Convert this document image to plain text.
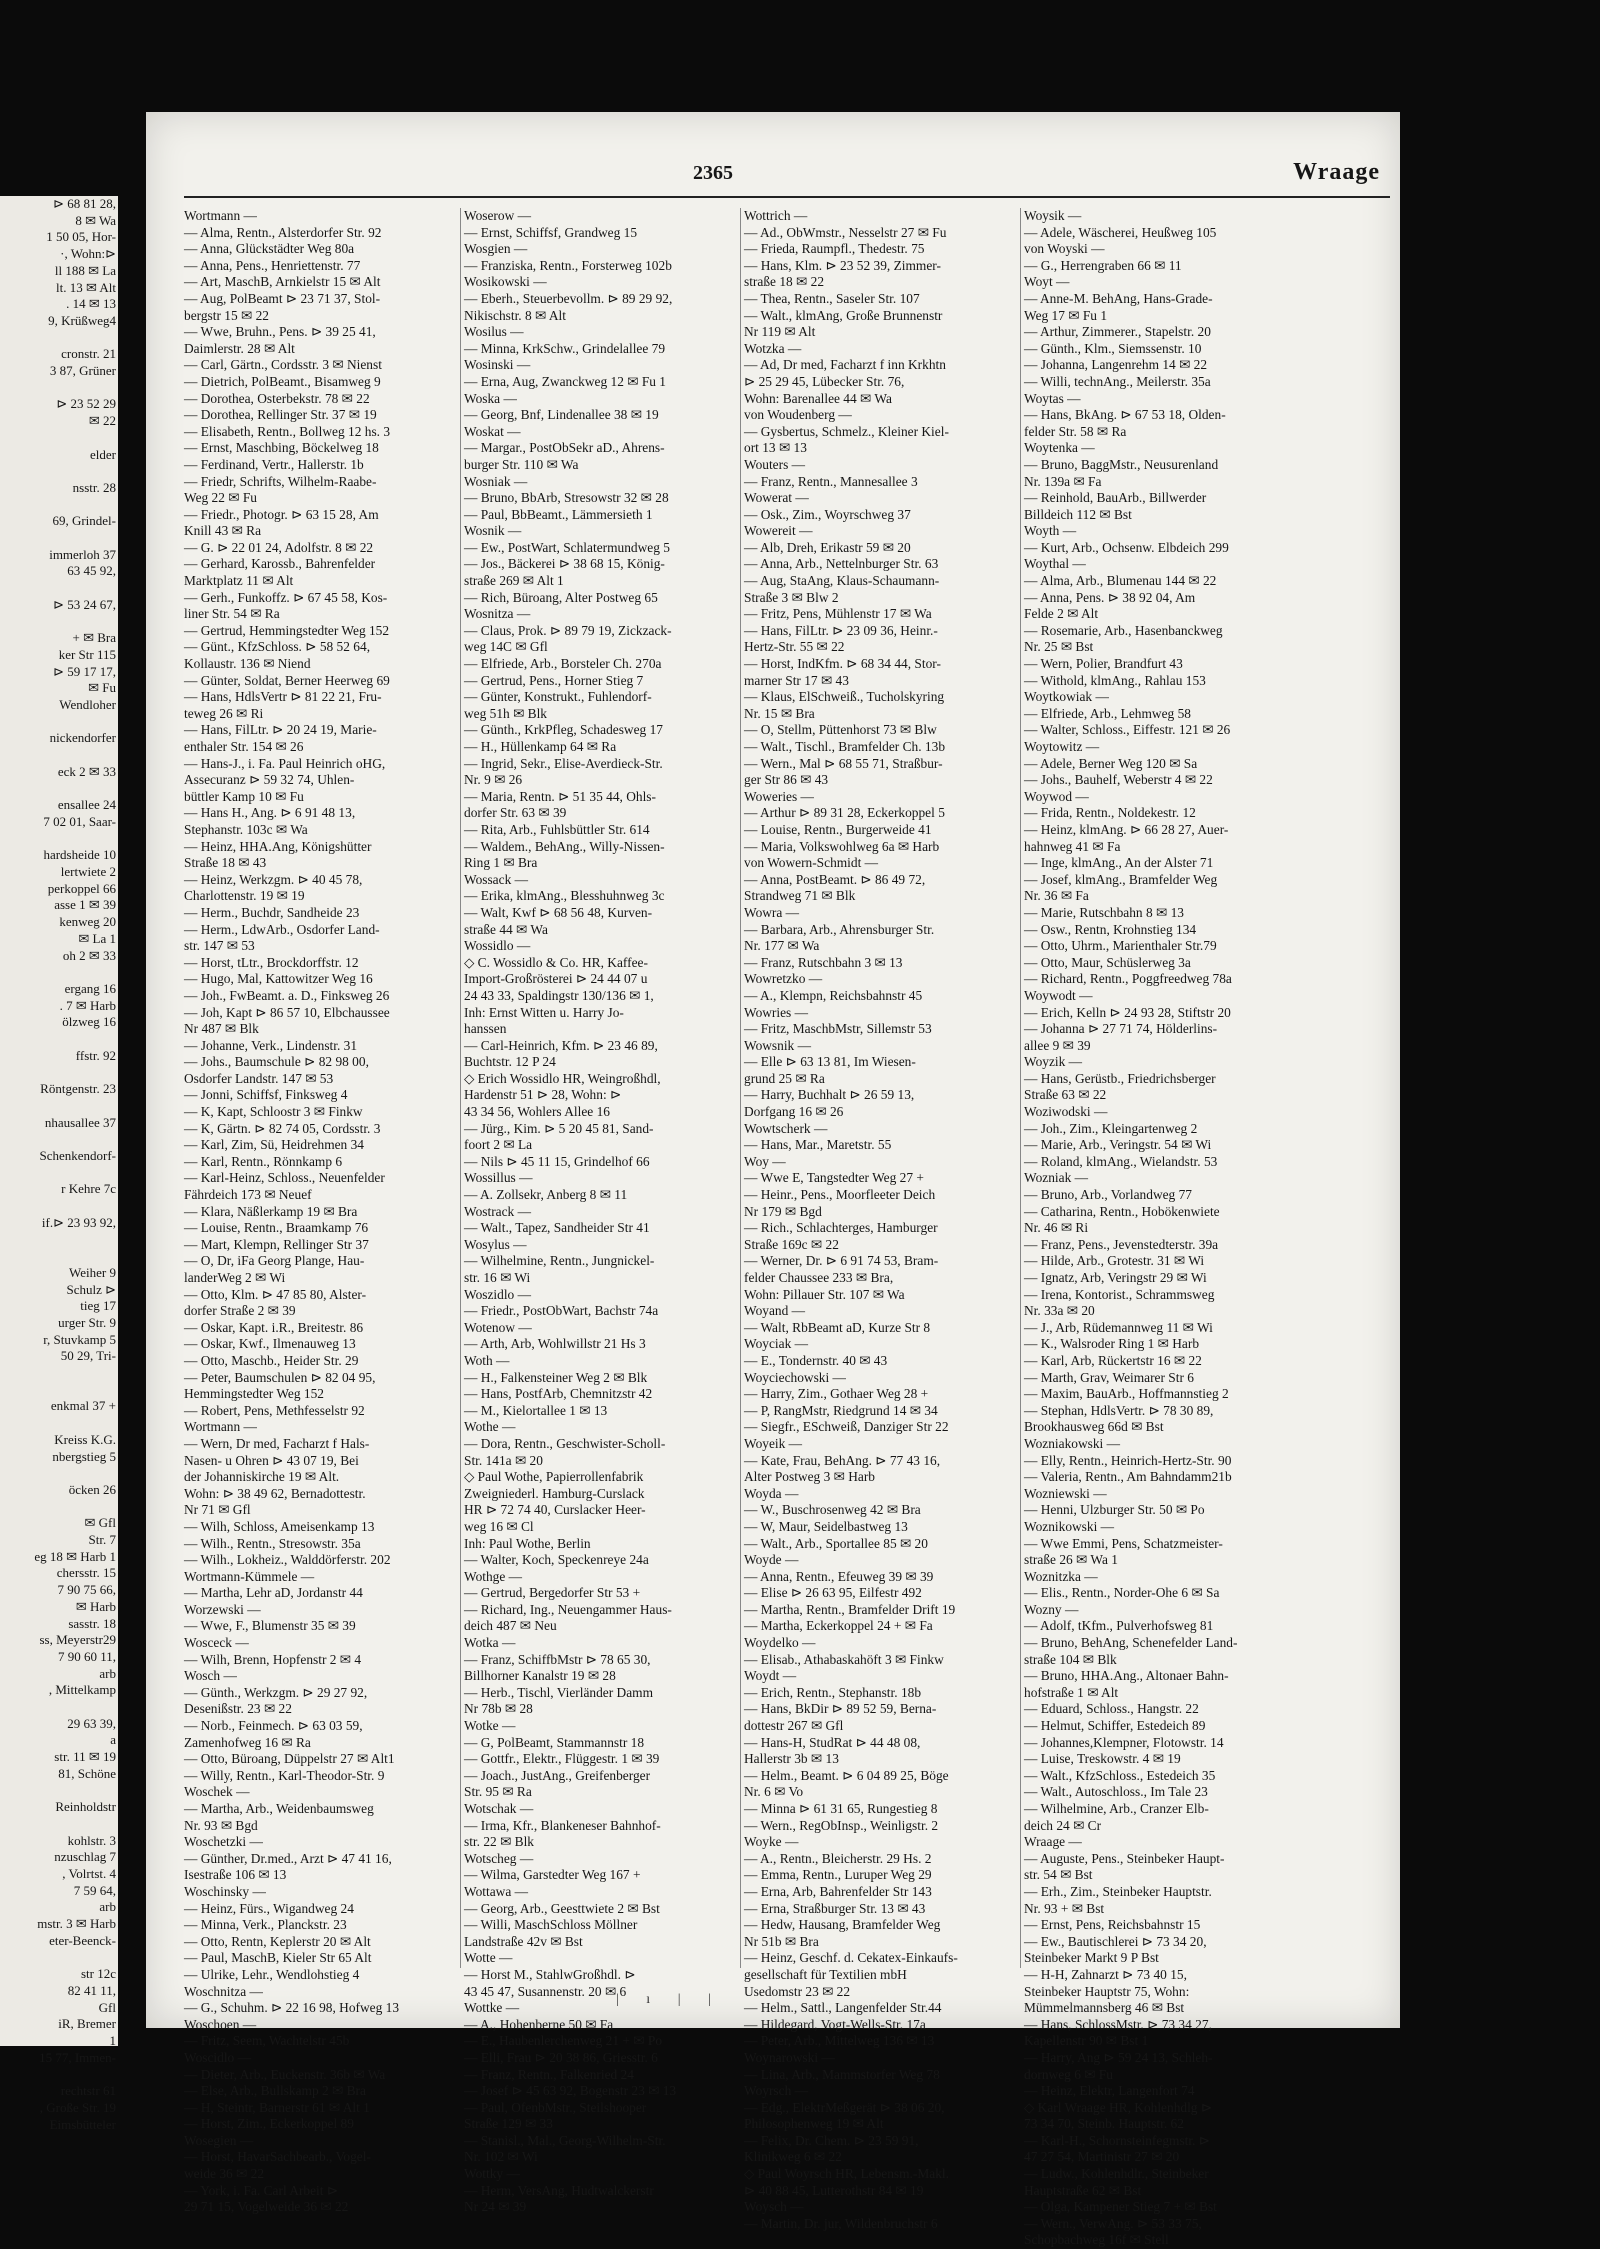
⊳ 68 81 28,
8 ✉ Wa
1 50 05, Hor-
·, Wohn:⊳
ll 188 ✉ La
lt. 13 ✉ Alt
. 14 ✉ 13
9, Krüßweg4
cronstr. 21
3 87, Grüner
⊳ 23 52 29
✉ 22
elder
nsstr. 28
69, Grindel-
immerloh 37
63 45 92,
⊳ 53 24 67,
+ ✉ Bra
ker Str 115
⊳ 59 17 17,
✉ Fu
Wendloher
nickendorfer
eck 2 ✉ 33
ensallee 24
7 02 01, Saar-
hardsheide 10
lertwiete 2
perkoppel 66
asse 1 ✉ 39
kenweg 20
✉ La 1
oh 2 ✉ 33
ergang 16
. 7 ✉ Harb
ölzweg 16
ffstr. 92
Röntgenstr. 23
nhausallee 37
Schenkendorf-
r Kehre 7c
if.⊳ 23 93 92,
Weiher 9
Schulz ⊳
tieg 17
urger Str. 9
r, Stuvkamp 5
50 29, Tri-
enkmal 37 +
Kreiss K.G.
nbergstieg 5
öcken 26
✉ Gfl
Str. 7
eg 18 ✉ Harb 1
chersstr. 15
7 90 75 66,
✉ Harb
sasstr. 18
ss, Meyerstr29
7 90 60 11,
arb
, Mittelkamp
29 63 39,
a
str. 11 ✉ 19
81, Schöne
Reinholdstr
kohlstr. 3
nzuschlag 7
, Volrtst. 4
7 59 64,
arb
mstr. 3 ✉ Harb
eter-Beenck-
str 12c
82 41 11,
Gfl
iR, Bremer
1
15 77, Immen-
rechtstr 61
, Große Str. 19
Eimsbütteler
2365	Wraage
Wortmann —
— Alma, Rentn., Alsterdorfer Str. 92
— Anna, Glückstädter Weg 80a
— Anna, Pens., Henriettenstr. 77
— Art, MaschB, Arnkielstr 15 ✉ Alt
— Aug, PolBeamt ⊳ 23 71 37, Stol-
bergstr 15 ✉ 22
— Wwe, Bruhn., Pens. ⊳ 39 25 41,
Daimlerstr. 28 ✉ Alt
— Carl, Gärtn., Cordsstr. 3 ✉ Nienst
— Dietrich, PolBeamt., Bisamweg 9
— Dorothea, Osterbekstr. 78 ✉ 22
— Dorothea, Rellinger Str. 37 ✉ 19
— Elisabeth, Rentn., Bollweg 12 hs. 3
— Ernst, Maschbing, Böckelweg 18
— Ferdinand, Vertr., Hallerstr. 1b
— Friedr, Schrifts, Wilhelm-Raabe-
Weg 22 ✉ Fu
— Friedr., Photogr. ⊳ 63 15 28, Am
Knill 43 ✉ Ra
— G. ⊳ 22 01 24, Adolfstr. 8 ✉ 22
— Gerhard, Karossb., Bahrenfelder
Marktplatz 11 ✉ Alt
— Gerh., Funkoffz. ⊳ 67 45 58, Kos-
liner Str. 54 ✉ Ra
— Gertrud, Hemmingstedter Weg 152
— Günt., KfzSchloss. ⊳ 58 52 64,
Kollaustr. 136 ✉ Niend
— Günter, Soldat, Berner Heerweg 69
— Hans, HdlsVertr ⊳ 81 22 21, Fru-
teweg 26 ✉ Ri
— Hans, FilLtr. ⊳ 20 24 19, Marie-
enthaler Str. 154 ✉ 26
— Hans-J., i. Fa. Paul Heinrich oHG,
Assecuranz ⊳ 59 32 74, Uhlen-
büttler Kamp 10 ✉ Fu
— Hans H., Ang. ⊳ 6 91 48 13,
Stephanstr. 103c ✉ Wa
— Heinz, HHA.Ang, Königshütter
Straße 18 ✉ 43
— Heinz, Werkzgm. ⊳ 40 45 78,
Charlottenstr. 19 ✉ 19
— Herm., Buchdr, Sandheide 23
— Herm., LdwArb., Osdorfer Land-
str. 147 ✉ 53
— Horst, tLtr., Brockdorffstr. 12
— Hugo, Mal, Kattowitzer Weg 16
— Joh., FwBeamt. a. D., Finksweg 26
— Joh, Kapt ⊳ 86 57 10, Elbchaussee
Nr 487 ✉ Blk
— Johanne, Verk., Lindenstr. 31
— Johs., Baumschule ⊳ 82 98 00,
Osdorfer Landstr. 147 ✉ 53
— Jonni, Schiffsf, Finksweg 4
— K, Kapt, Schloostr 3 ✉ Finkw
— K, Gärtn. ⊳ 82 74 05, Cordsstr. 3
— Karl, Zim, Sü, Heidrehmen 34
— Karl, Rentn., Rönnkamp 6
— Karl-Heinz, Schloss., Neuenfelder
Fährdeich 173 ✉ Neuef
— Klara, Näßlerkamp 19 ✉ Bra
— Louise, Rentn., Braamkamp 76
— Mart, Klempn, Rellinger Str 37
— O, Dr, iFa Georg Plange, Hau-
landerWeg 2 ✉ Wi
— Otto, Klm. ⊳ 47 85 80, Alster-
dorfer Straße 2 ✉ 39
— Oskar, Kapt. i.R., Breitestr. 86
— Oskar, Kwf., Ilmenauweg 13
— Otto, Maschb., Heider Str. 29
— Peter, Baumschulen ⊳ 82 04 95,
Hemmingstedter Weg 152
— Robert, Pens, Methfesselstr 92
Wortmann —
— Wern, Dr med, Facharzt f Hals-
Nasen- u Ohren ⊳ 43 07 19, Bei
der Johanniskirche 19 ✉ Alt.
Wohn: ⊳ 38 49 62, Bernadottestr.
Nr 71 ✉ Gfl
— Wilh, Schloss, Ameisenkamp 13
— Wilh., Rentn., Stresowstr. 35a
— Wilh., Lokheiz., Walddörferstr. 202
Wortmann-Kümmele —
— Martha, Lehr aD, Jordanstr 44
Worzewski —
— Wwe, F., Blumenstr 35 ✉ 39
Wosceck —
— Wilh, Brenn, Hopfenstr 2 ✉ 4
Wosch —
— Günth., Werkzgm. ⊳ 29 27 92,
Desenißstr. 23 ✉ 22
— Norb., Feinmech. ⊳ 63 03 59,
Zamenhofweg 16 ✉ Ra
— Otto, Büroang, Düppelstr 27 ✉ Alt1
— Willy, Rentn., Karl-Theodor-Str. 9
Woschek —
— Martha, Arb., Weidenbaumsweg
Nr. 93 ✉ Bgd
Woschetzki —
— Günther, Dr.med., Arzt ⊳ 47 41 16,
Isestraße 106 ✉ 13
Woschinsky —
— Heinz, Fürs., Wigandweg 24
— Minna, Verk., Planckstr. 23
— Otto, Rentn, Keplerstr 20 ✉ Alt
— Paul, MaschB, Kieler Str 65 Alt
— Ulrike, Lehr., Wendlohstieg 4
Woschnitza —
— G., Schuhm. ⊳ 22 16 98, Hofweg 13
Woschoen —
— Fritz, Seem, Wachtelstr 45b
Woscidlo —
— Dieter, Arb., Euckenstr. 36b ✉ Wa
— Else, Arb., Bullskamp 2 ✉ Bra
— H, Steintr, Barnerstr 61 ✉ Alt 1
— Horst, Zim., Eckerkoppel 89
Wosegien —
— Horst, HavarSachbearb., Vogel-
weide 36 ✉ 22
— York, i. Fa. Carl Arbeit ⊳
29 71 15, Vogelweide 36 ✉ 22
Woserow —
— Ernst, Schiffsf, Grandweg 15
Wosgien —
— Franziska, Rentn., Forsterweg 102b
Wosikowski —
— Eberh., Steuerbevollm. ⊳ 89 29 92,
Nikischstr. 8 ✉ Alt
Wosilus —
— Minna, KrkSchw., Grindelallee 79
Wosinski —
— Erna, Aug, Zwanckweg 12 ✉ Fu 1
Woska —
— Georg, Bnf, Lindenallee 38 ✉ 19
Woskat —
— Margar., PostObSekr aD., Ahrens-
burger Str. 110 ✉ Wa
Wosniak —
— Bruno, BbArb, Stresowstr 32 ✉ 28
— Paul, BbBeamt., Lämmersieth 1
Wosnik —
— Ew., PostWart, Schlatermundweg 5
— Jos., Bäckerei ⊳ 38 68 15, König-
straße 269 ✉ Alt 1
— Rich, Büroang, Alter Postweg 65
Wosnitza —
— Claus, Prok. ⊳ 89 79 19, Zickzack-
weg 14C ✉ Gfl
— Elfriede, Arb., Borsteler Ch. 270a
— Gertrud, Pens., Horner Stieg 7
— Günter, Konstrukt., Fuhlendorf-
weg 51h ✉ Blk
— Günth., KrkPfleg, Schadesweg 17
— H., Hüllenkamp 64 ✉ Ra
— Ingrid, Sekr., Elise-Averdieck-Str.
Nr. 9 ✉ 26
— Maria, Rentn. ⊳ 51 35 44, Ohls-
dorfer Str. 63 ✉ 39
— Rita, Arb., Fuhlsbüttler Str. 614
— Waldem., BehAng., Willy-Nissen-
Ring 1 ✉ Bra
Wossack —
— Erika, klmAng., Blesshuhnweg 3c
— Walt, Kwf ⊳ 68 56 48, Kurven-
straße 44 ✉ Wa
Wossidlo —
◇ C. Wossidlo & Co. HR, Kaffee-
Import-Großrösterei ⊳ 24 44 07 u
24 43 33, Spaldingstr 130/136 ✉ 1,
Inh: Ernst Witten u. Harry Jo-
hanssen
— Carl-Heinrich, Kfm. ⊳ 23 46 89,
Buchtstr. 12 P 24
◇ Erich Wossidlo HR, Weingroßhdl,
Hardenstr 51 ⊳ 28, Wohn: ⊳
43 34 56, Wohlers Allee 16
— Jürg., Kim. ⊳ 5 20 45 81, Sand-
foort 2 ✉ La
— Nils ⊳ 45 11 15, Grindelhof 66
Wossillus —
— A. Zollsekr, Anberg 8 ✉ 11
Wostrack —
— Walt., Tapez, Sandheider Str 41
Wosylus —
— Wilhelmine, Rentn., Jungnickel-
str. 16 ✉ Wi
Woszidlo —
— Friedr., PostObWart, Bachstr 74a
Wotenow —
— Arth, Arb, Wohlwillstr 21 Hs 3
Woth —
— H., Falkensteiner Weg 2 ✉ Blk
— Hans, PostfArb, Chemnitzstr 42
— M., Kielortallee 1 ✉ 13
Wothe —
— Dora, Rentn., Geschwister-Scholl-
Str. 141a ✉ 20
◇ Paul Wothe, Papierrollenfabrik
Zweigniederl. Hamburg-Curslack
HR ⊳ 72 74 40, Curslacker Heer-
weg 16 ✉ Cl
Inh: Paul Wothe, Berlin
— Walter, Koch, Speckenreye 24a
Wothge —
— Gertrud, Bergedorfer Str 53 +
— Richard, Ing., Neuengammer Haus-
deich 487 ✉ Neu
Wotka —
— Franz, SchiffbMstr ⊳ 78 65 30,
Billhorner Kanalstr 19 ✉ 28
— Herb., Tischl, Vierländer Damm
Nr 78b ✉ 28
Wotke —
— G, PolBeamt, Stammannstr 18
— Gottfr., Elektr., Flüggestr. 1 ✉ 39
— Joach., JustAng., Greifenberger
Str. 95 ✉ Ra
Wotschak —
— Irma, Kfr., Blankeneser Bahnhof-
str. 22 ✉ Blk
Wotscheg —
— Wilma, Garstedter Weg 167 +
Wottawa —
— Georg, Arb., Geesttwiete 2 ✉ Bst
— Willi, MaschSchloss Möllner
Landstraße 42v ✉ Bst
Wotte —
— Horst M., StahlwGroßhdl. ⊳
43 45 47, Susannenstr. 20 ✉ 6
Wottke —
— A., Hohenberne 50 ✉ Fa
— E., Haubenlerchenweg 21 + ✉ Po
— Elli, Frau ⊳ 20 38 86, Griesstr. 6
— Franz, Rentn., Falkenried 24
— Josef ⊳ 45 63 92, Bogenstr 23 ✉ 13
— Paul, OfenbMstr., Steilshooper
Straße 129 ✉ 33
— Stanisl., Mal., Georg-Wilhelm-Str.
Nr. 102 ✉ Wi
Wottky —
— Herm, VersAng, Hudtwalckerstr
Nr 24 ✉ 39
Wottrich —
— Ad., ObWmstr., Nesselstr 27 ✉ Fu
— Frieda, Raumpfl., Thedestr. 75
— Hans, Klm. ⊳ 23 52 39, Zimmer-
straße 18 ✉ 22
— Thea, Rentn., Saseler Str. 107
— Walt., klmAng, Große Brunnenstr
Nr 119 ✉ Alt
Wotzka —
— Ad, Dr med, Facharzt f inn Krkhtn
⊳ 25 29 45, Lübecker Str. 76,
Wohn: Barenallee 44 ✉ Wa
von Woudenberg —
— Gysbertus, Schmelz., Kleiner Kiel-
ort 13 ✉ 13
Wouters —
— Franz, Rentn., Mannesallee 3
Wowerat —
— Osk., Zim., Woyrschweg 37
Wowereit —
— Alb, Dreh, Erikastr 59 ✉ 20
— Anna, Arb., Nettelnburger Str. 63
— Aug, StaAng, Klaus-Schaumann-
Straße 3 ✉ Blw 2
— Fritz, Pens, Mühlenstr 17 ✉ Wa
— Hans, FilLtr. ⊳ 23 09 36, Heinr.-
Hertz-Str. 55 ✉ 22
— Horst, IndKfm. ⊳ 68 34 44, Stor-
marner Str 17 ✉ 43
— Klaus, ElSchweiß., Tucholskyring
Nr. 15 ✉ Bra
— O, Stellm, Püttenhorst 73 ✉ Blw
— Walt., Tischl., Bramfelder Ch. 13b
— Wern., Mal ⊳ 68 55 71, Straßbur-
ger Str 86 ✉ 43
Woweries —
— Arthur ⊳ 89 31 28, Eckerkoppel 5
— Louise, Rentn., Burgerweide 41
— Maria, Volkswohlweg 6a ✉ Harb
von Wowern-Schmidt —
— Anna, PostBeamt. ⊳ 86 49 72,
Strandweg 71 ✉ Blk
Wowra —
— Barbara, Arb., Ahrensburger Str.
Nr. 177 ✉ Wa
— Franz, Rutschbahn 3 ✉ 13
Wowretzko —
— A., Klempn, Reichsbahnstr 45
Wowries —
— Fritz, MaschbMstr, Sillemstr 53
Wowsnik —
— Elle ⊳ 63 13 81, Im Wiesen-
grund 25 ✉ Ra
— Harry, Buchhalt ⊳ 26 59 13,
Dorfgang 16 ✉ 26
Wowtscherk —
— Hans, Mar., Maretstr. 55
Woy —
— Wwe E, Tangstedter Weg 27 +
— Heinr., Pens., Moorfleeter Deich
Nr 179 ✉ Bgd
— Rich., Schlachterges, Hamburger
Straße 169c ✉ 22
— Werner, Dr. ⊳ 6 91 74 53, Bram-
felder Chaussee 233 ✉ Bra,
Wohn: Pillauer Str. 107 ✉ Wa
Woyand —
— Walt, RbBeamt aD, Kurze Str 8
Woyciak —
— E., Tondernstr. 40 ✉ 43
Woyciechowski —
— Harry, Zim., Gothaer Weg 28 +
— P, RangMstr, Riedgrund 14 ✉ 34
— Siegfr., ESchweiß, Danziger Str 22
Woyeik —
— Kate, Frau, BehAng. ⊳ 77 43 16,
Alter Postweg 3 ✉ Harb
Woyda —
— W., Buschrosenweg 42 ✉ Bra
— W, Maur, Seidelbastweg 13
— Walt., Arb., Sportallee 85 ✉ 20
Woyde —
— Anna, Rentn., Efeuweg 39 ✉ 39
— Elise ⊳ 26 63 95, Eilfestr 492
— Martha, Rentn., Bramfelder Drift 19
— Martha, Eckerkoppel 24 + ✉ Fa
Woydelko —
— Elisab., Athabaskahöft 3 ✉ Finkw
Woydt —
— Erich, Rentn., Stephanstr. 18b
— Hans, BkDir ⊳ 89 52 59, Berna-
dottestr 267 ✉ Gfl
— Hans-H, StudRat ⊳ 44 48 08,
Hallerstr 3b ✉ 13
— Helm., Beamt. ⊳ 6 04 89 25, Böge
Nr. 6 ✉ Vo
— Minna ⊳ 61 31 65, Rungestieg 8
— Wern., RegObInsp., Weinligstr. 2
Woyke —
— A., Rentn., Bleicherstr. 29 Hs. 2
— Emma, Rentn., Luruper Weg 29
— Erna, Arb, Bahrenfelder Str 143
— Erna, Straßburger Str. 13 ✉ 43
— Hedw, Hausang, Bramfelder Weg
Nr 51b ✉ Bra
— Heinz, Geschf. d. Cekatex-Einkaufs-
gesellschaft für Textilien mbH
Usedomstr 23 ✉ 22
— Helm., Sattl., Langenfelder Str.44
— Hildegard, Vogt-Wells-Str. 17a
— Peter, Arb., Mittelweg 136 ✉ 13
Woynarowski —
— Lina, Arb., Mammstorfer Weg 78
Woyrsch —
— Edg., ElektrMeßgerät ⊳ 38 06 20,
Philosophenweg 19 ✉ Alt
— Felix, Dr. Chem. ⊳ 23 59 91,
Klinikweg 6 ✉ 22
◇ Paul Woyrsch HR, Lebensm.-Makl.
⊳ 40 88 45, Lutterothstr 84 ✉ 19
Woysch —
— Martin, Dr. jur, Wildenbruchstr 6
Woysik —
— Adele, Wäscherei, Heußweg 105
von Woyski —
— G., Herrengraben 66 ✉ 11
Woyt —
— Anne-M. BehAng, Hans-Grade-
Weg 17 ✉ Fu 1
— Arthur, Zimmerer., Stapelstr. 20
— Günth., Klm., Siemssenstr. 10
— Johanna, Langenrehm 14 ✉ 22
— Willi, technAng., Meilerstr. 35a
Woytas —
— Hans, BkAng. ⊳ 67 53 18, Olden-
felder Str. 58 ✉ Ra
Woytenka —
— Bruno, BaggMstr., Neusurenland
Nr. 139a ✉ Fa
— Reinhold, BauArb., Billwerder
Billdeich 112 ✉ Bst
Woyth —
— Kurt, Arb., Ochsenw. Elbdeich 299
Woythal —
— Alma, Arb., Blumenau 144 ✉ 22
— Anna, Pens. ⊳ 38 92 04, Am
Felde 2 ✉ Alt
— Rosemarie, Arb., Hasenbanckweg
Nr. 25 ✉ Bst
— Wern, Polier, Brandfurt 43
— Withold, klmAng., Rahlau 153
Woytkowiak —
— Elfriede, Arb., Lehmweg 58
— Walter, Schloss., Eiffestr. 121 ✉ 26
Woytowitz —
— Adele, Berner Weg 120 ✉ Sa
— Johs., Bauhelf, Weberstr 4 ✉ 22
Woywod —
— Frida, Rentn., Noldekestr. 12
— Heinz, klmAng. ⊳ 66 28 27, Auer-
hahnweg 41 ✉ Fa
— Inge, klmAng., An der Alster 71
— Josef, klmAng., Bramfelder Weg
Nr. 36 ✉ Fa
— Marie, Rutschbahn 8 ✉ 13
— Osw., Rentn, Krohnstieg 134
— Otto, Uhrm., Marienthaler Str.79
— Otto, Maur, Schüslerweg 3a
— Richard, Rentn., Poggfreedweg 78a
Woywodt —
— Erich, Kelln ⊳ 24 93 28, Stiftstr 20
— Johanna ⊳ 27 71 74, Hölderlins-
allee 9 ✉ 39
Woyzik —
— Hans, Gerüstb., Friedrichsberger
Straße 63 ✉ 22
Woziwodski —
— Joh., Zim., Kleingartenweg 2
— Marie, Arb., Veringstr. 54 ✉ Wi
— Roland, klmAng., Wielandstr. 53
Wozniak —
— Bruno, Arb., Vorlandweg 77
— Catharina, Rentn., Hobökenwiete
Nr. 46 ✉ Ri
— Franz, Pens., Jevenstedterstr. 39a
— Hilde, Arb., Grotestr. 31 ✉ Wi
— Ignatz, Arb, Veringstr 29 ✉ Wi
— Irena, Kontorist., Schrammsweg
Nr. 33a ✉ 20
— J., Arb, Rüdemannweg 11 ✉ Wi
— K., Walsroder Ring 1 ✉ Harb
— Karl, Arb, Rückertstr 16 ✉ 22
— Marth, Grav, Weimarer Str 6
— Maxim, BauArb., Hoffmannstieg 2
— Stephan, HdlsVertr. ⊳ 78 30 89,
Brookhausweg 66d ✉ Bst
Wozniakowski —
— Elly, Rentn., Heinrich-Hertz-Str. 90
— Valeria, Rentn., Am Bahndamm21b
Wozniewski —
— Henni, Ulzburger Str. 50 ✉ Po
Woznikowski —
— Wwe Emmi, Pens, Schatzmeister-
straße 26 ✉ Wa 1
Woznitzka —
— Elis., Rentn., Norder-Ohe 6 ✉ Sa
Wozny —
— Adolf, tKfm., Pulverhofsweg 81
— Bruno, BehAng, Schenefelder Land-
straße 104 ✉ Blk
— Bruno, HHA.Ang., Altonaer Bahn-
hofstraße 1 ✉ Alt
— Eduard, Schloss., Hangstr. 22
— Helmut, Schiffer, Estedeich 89
— Johannes,Klempner, Flotowstr. 14
— Luise, Treskowstr. 4 ✉ 19
— Walt., KfzSchloss., Estedeich 35
— Walt., Autoschloss., Im Tale 23
— Wilhelmine, Arb., Cranzer Elb-
deich 24 ✉ Cr
Wraage —
— Auguste, Pens., Steinbeker Haupt-
str. 54 ✉ Bst
— Erh., Zim., Steinbeker Hauptstr.
Nr. 93 + ✉ Bst
— Ernst, Pens, Reichsbahnstr 15
— Ew., Bautischlerei ⊳ 73 34 20,
Steinbeker Markt 9 P Bst
— H-H, Zahnarzt ⊳ 73 40 15,
Steinbeker Hauptstr 75, Wohn:
Mümmelmannsberg 46 ✉ Bst
— Hans, SchlossMstr. ⊳ 73 34 27,
Kapellenstr 90 ✉ Bst 1
— Harry, Ang ⊳ 59 24 13, Schleh-
dornweg 6 ✉ Fu
— Heinz, Elektr, Langenfort 74
◇ Karl Wraage HR, Kohlenhdlg ⊳
73 34 70, Steinb. Hauptstr. 62
— Karl-H., Schornsteinfegmstr. ⊳
47 27 54, Martinistr 27 ✉ 20
— Ludw., Kohlenhdlr., Steinbeker
Hauptstraße 62 ✉ Bst
— Olga, Kampener Stieg 7 + ✉ Bst
— Wern., VerwAng. ⊳ 53 33 75,
Schopbachweg 16f ✉ Stell
| ı | |
